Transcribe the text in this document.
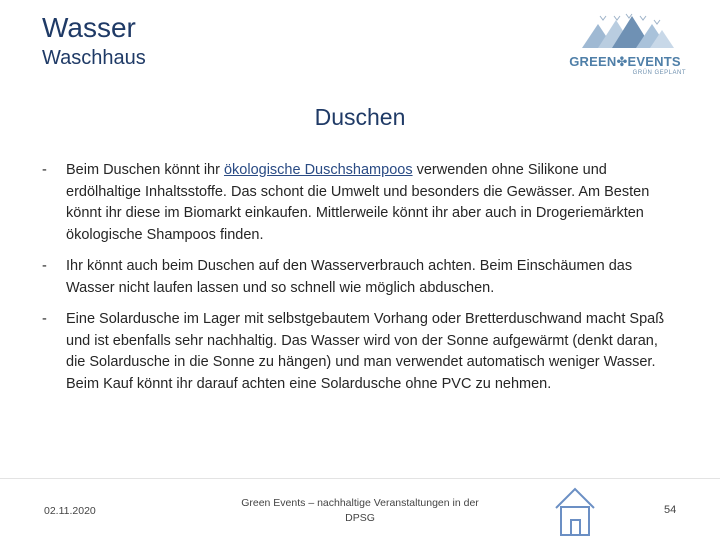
Wasser
Waschhaus	GREEN✤EVENTS
GRÜN GEPLANT
Duschen
- Beim Duschen könnt ihr ökologische Duschshampoos verwenden ohne Silikone und erdölhaltige Inhaltsstoffe. Das schont die Umwelt und besonders die Gewässer. Am Besten könnt ihr diese im Biomarkt einkaufen. Mittlerweile könnt ihr aber auch in Drogeriemärkten ökologische Shampoos finden.
- Ihr könnt auch beim Duschen auf den Wasserverbrauch achten. Beim Einschäumen das Wasser nicht laufen lassen und so schnell wie möglich abduschen.
- Eine Solardusche im Lager mit selbstgebautem Vorhang oder Bretterduschwand macht Spaß und ist ebenfalls sehr nachhaltig. Das Wasser wird von der Sonne aufgewärmt (denkt daran, die Solardusche in die Sonne zu hängen) und man verwendet automatisch weniger Wasser. Beim Kauf könnt ihr darauf achten eine Solardusche ohne PVC zu nehmen.
02.11.2020
Green Events – nachhaltige Veranstaltungen in der DPSG
54
